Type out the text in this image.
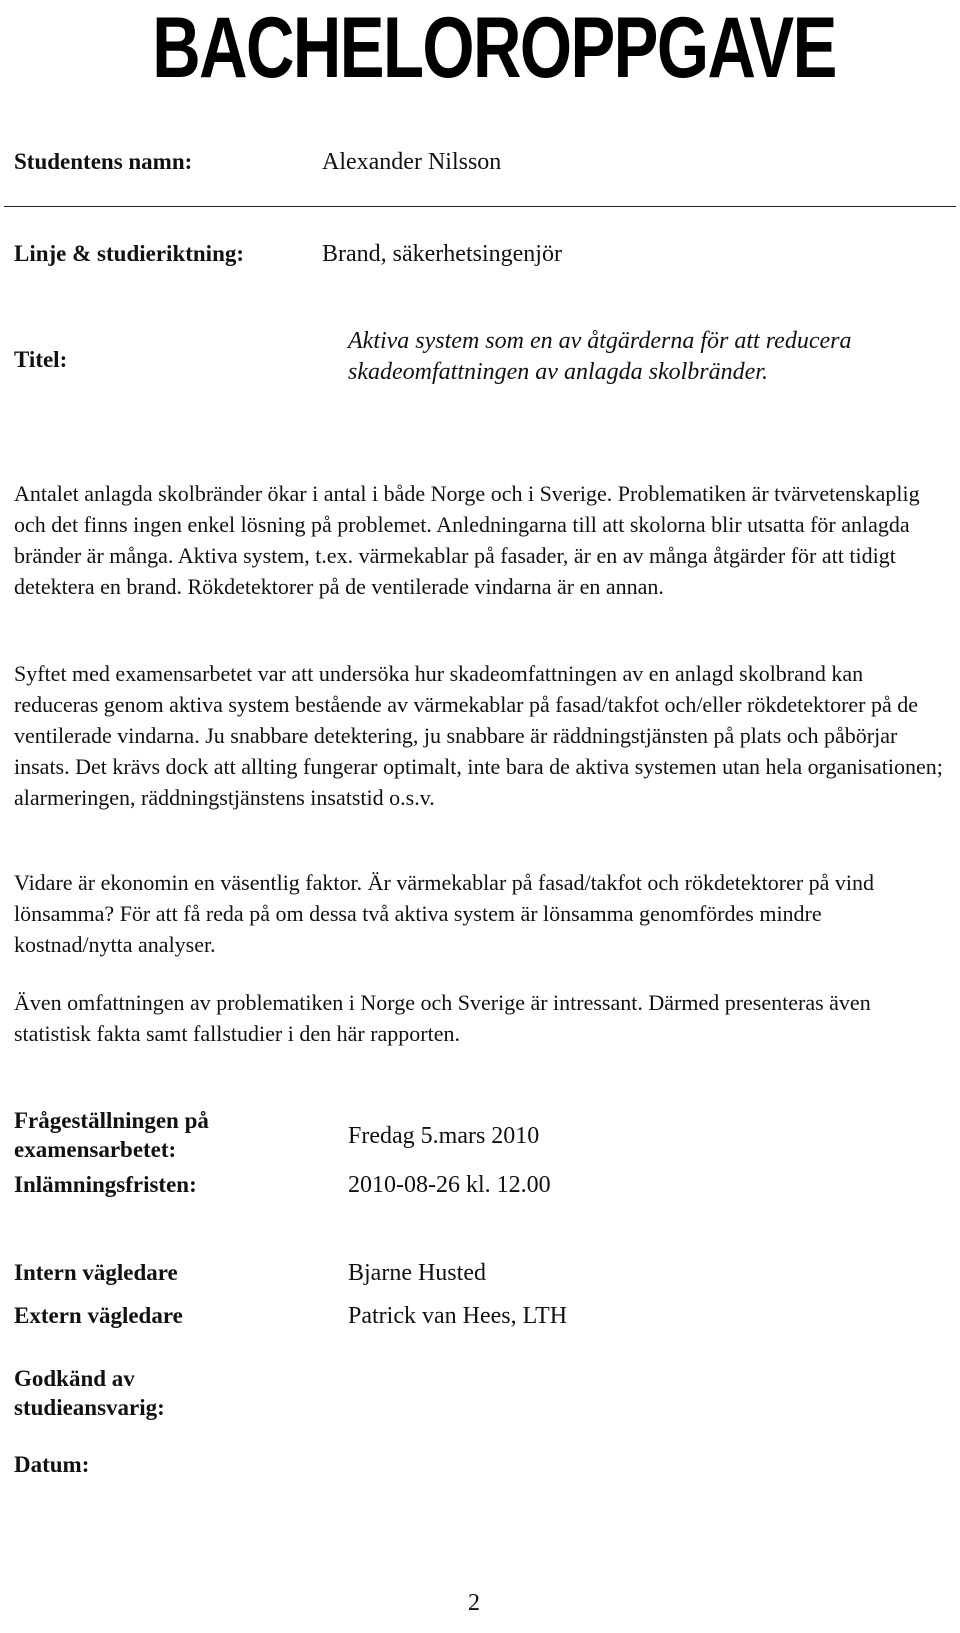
BACHELOROPPGAVE
Studentens namn:	Alexander Nilsson
Linje & studieriktning:	Brand, säkerhetsingenjör
Titel:
Aktiva system som en av åtgärderna för att reducera
skadeomfattningen av anlagda skolbränder.

Antalet anlagda skolbränder ökar i antal i både Norge och i Sverige. Problematiken är tvärvetenskaplig och det finns ingen enkel lösning på problemet. Anledningarna till att skolorna blir utsatta för anlagda bränder är många. Aktiva system, t.ex. värmekablar på fasader, är en av många åtgärder för att tidigt detektera en brand. Rökdetektorer på de ventilerade vindarna är en annan.

Syftet med examensarbetet var att undersöka hur skadeomfattningen av en anlagd skolbrand kan reduceras genom aktiva system bestående av värmekablar på fasad/takfot och/eller rökdetektorer på de ventilerade vindarna. Ju snabbare detektering, ju snabbare är räddningstjänsten på plats och påbörjar insats. Det krävs dock att allting fungerar optimalt, inte bara de aktiva systemen utan hela organisationen; alarmeringen, räddningstjänstens insatstid o.s.v.

Vidare är ekonomin en väsentlig faktor. Är värmekablar på fasad/takfot och rökdetektorer på vind lönsamma? För att få reda på om dessa två aktiva system är lönsamma genomfördes mindre kostnad/nytta analyser.

Även omfattningen av problematiken i Norge och Sverige är intressant. Därmed presenteras även statistisk fakta samt fallstudier i den här rapporten.

Frågeställningen på
examensarbetet:
Fredag 5.mars 2010
Inlämningsfristen:	2010-08-26 kl. 12.00
Intern vägledare	Bjarne Husted
Extern vägledare	Patrick van Hees, LTH
Godkänd av
studieansvarig:
Datum:
2
